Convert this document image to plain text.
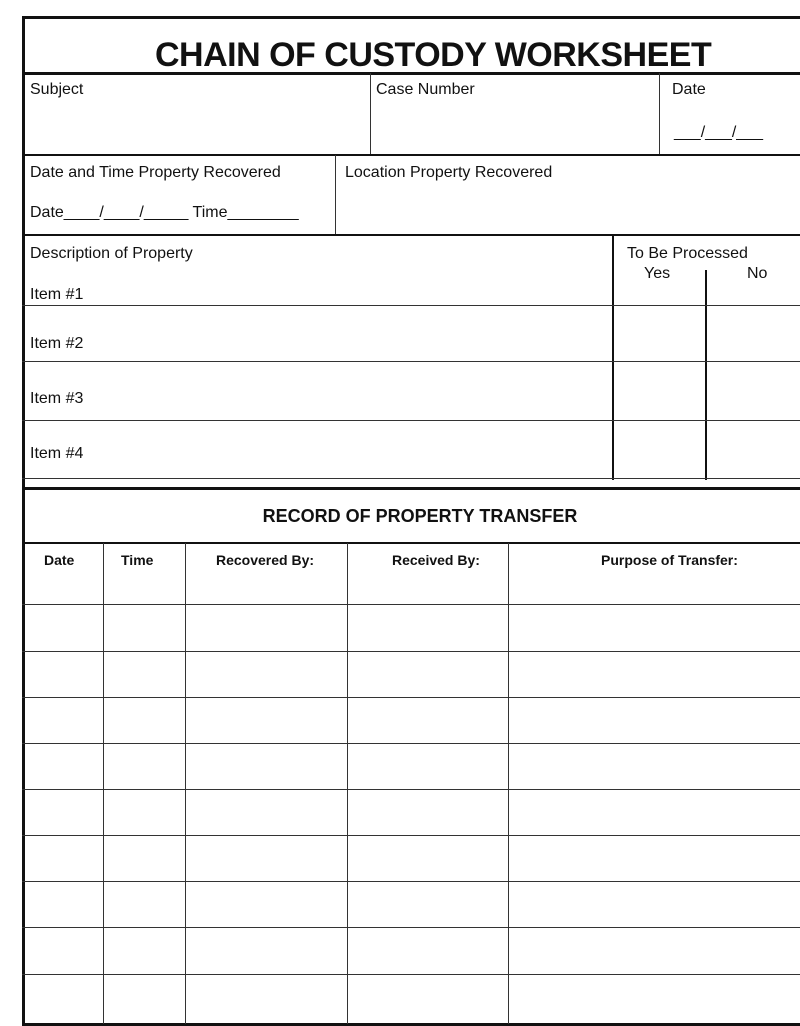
CHAIN OF CUSTODY WORKSHEET
Subject	Case Number	Date
___/___/___
Date and Time Property Recovered
Date____/____/_____ Time________
Location Property Recovered
Description of Property	To Be Processed
Yes	No
Item #1
Item #2
Item #3
Item #4
RECORD OF PROPERTY TRANSFER
Date	Time	Recovered By:	Received By:	Purpose of Transfer:
